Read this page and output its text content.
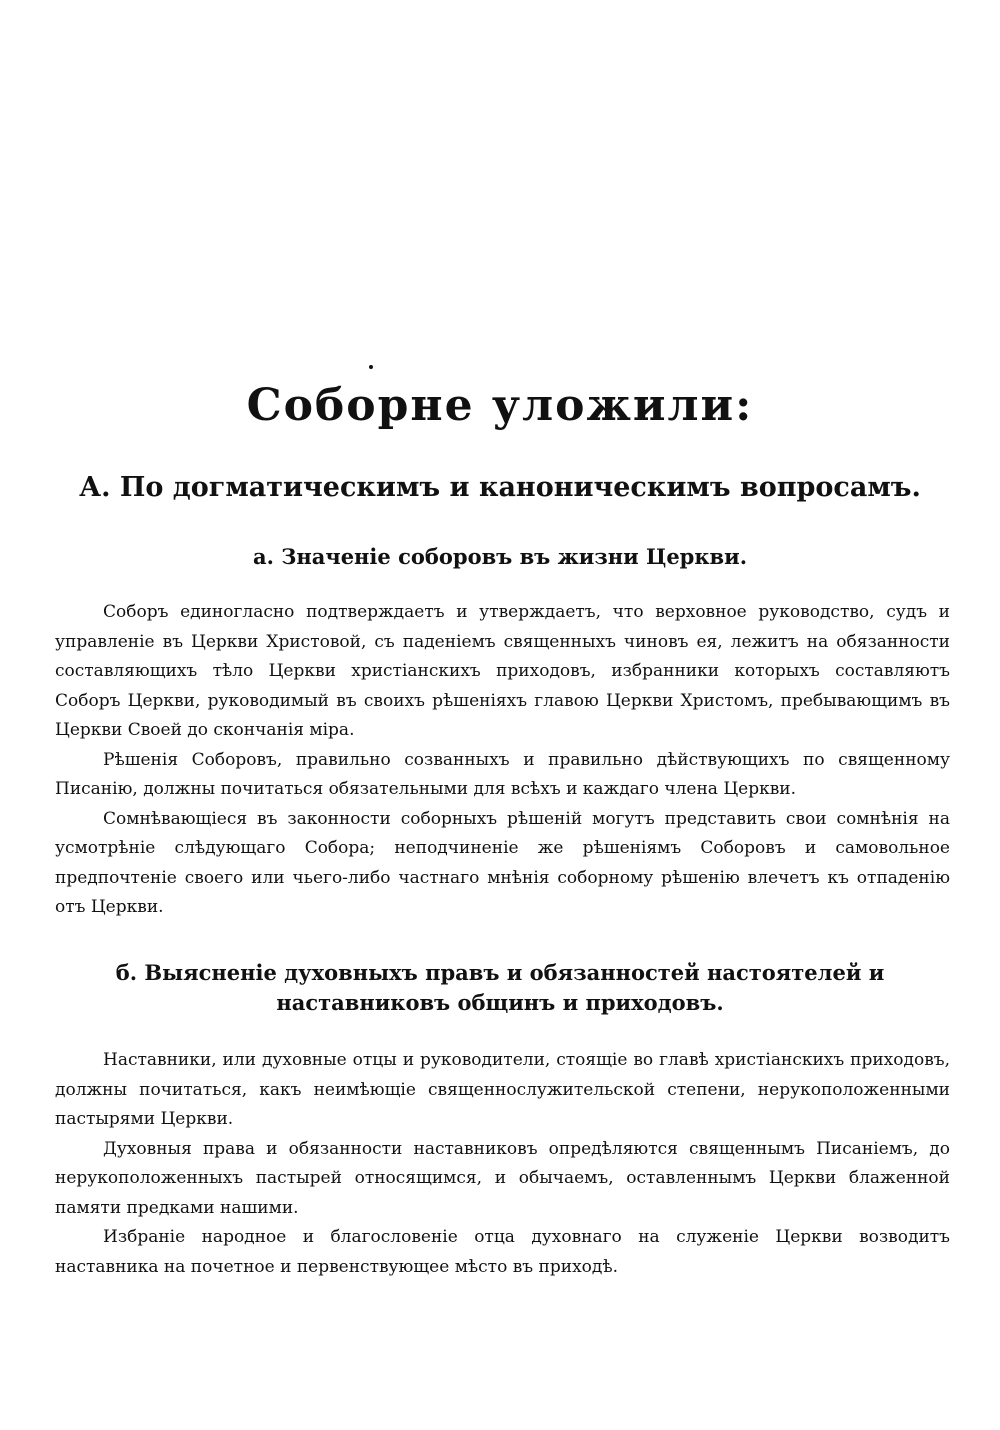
Соборне уложили:
А. По догматическимъ и каноническимъ вопросамъ.
а. Значеніе соборовъ въ жизни Церкви.

Соборъ единогласно подтверждаетъ и утверждаетъ, что верховное руководство, судъ и управленіе въ Церкви Христовой, съ паденіемъ священныхъ чиновъ ея, лежитъ на обязанности составляющихъ тѣло Церкви христіанскихъ приходовъ, избранники которыхъ составляютъ Соборъ Церкви, руководимый въ своихъ рѣшеніяхъ главою Церкви Христомъ, пребывающимъ въ Церкви Своей до скончанія міра.

Рѣшенія Соборовъ, правильно созванныхъ и правильно дѣйствующихъ по священному Писанію, должны почитаться обязательными для всѣхъ и каждаго члена Церкви.

Сомнѣвающіеся въ законности соборныхъ рѣшеній могутъ представить свои сомнѣнія на усмотрѣніе слѣдующаго Собора; неподчиненіе же рѣшеніямъ Соборовъ и самовольное предпочтеніе своего или чьего-либо частнаго мнѣнія соборному рѣшенію влечетъ къ отпаденію отъ Церкви.

б. Выясненіе духовныхъ правъ и обязанностей настоятелей и наставниковъ общинъ и приходовъ.

Наставники, или духовные отцы и руководители, стоящіе во главѣ христіанскихъ приходовъ, должны почитаться, какъ неимѣющіе священнослужительской степени, нерукоположенными пастырями Церкви.

Духовныя права и обязанности наставниковъ опредѣляются священнымъ Писаніемъ, до нерукоположенныхъ пастырей относящимся, и обычаемъ, оставленнымъ Церкви блаженной памяти предками нашими.

Избраніе народное и благословеніе отца духовнаго на служеніе Церкви возводитъ наставника на почетное и первенствующее мѣсто въ приходѣ.
